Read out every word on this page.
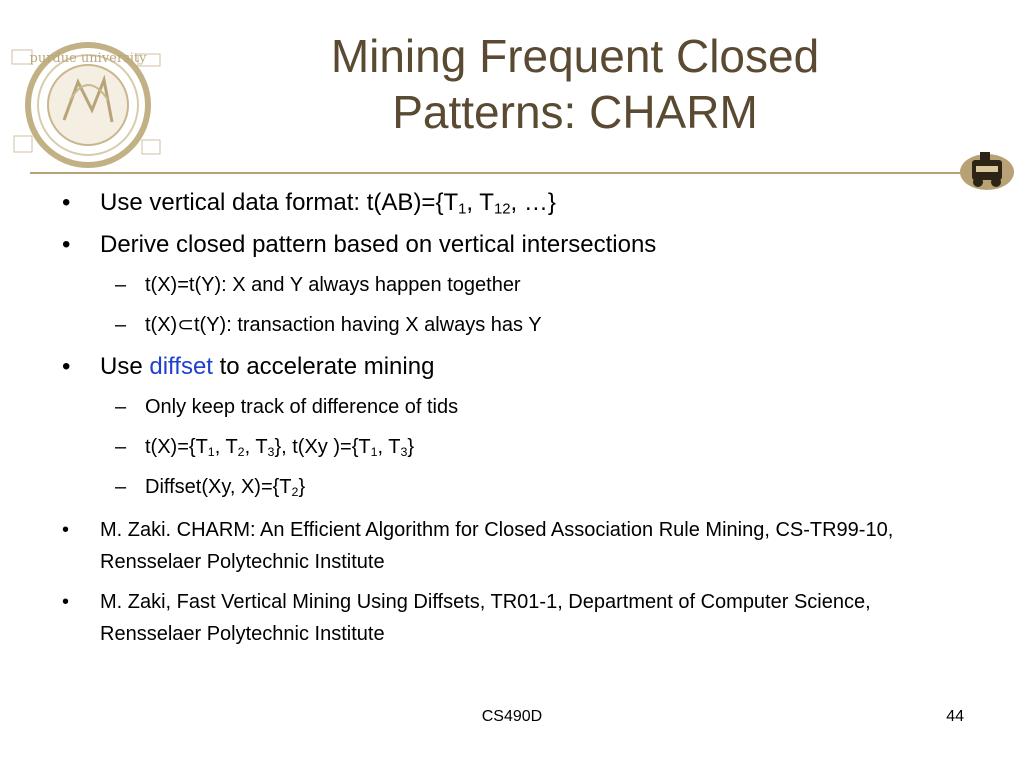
purdue university	Mining Frequent Closed
Patterns: CHARM
• Use vertical data format: $t(AB)=\{T_1$, $T_{12}$, …}
• Derive closed pattern based on vertical intersections
– t(X)=t(Y): X and Y always happen together
– t(X)⊂t(Y): transaction having X always has Y
• Use diffset to accelerate mining
– Only keep track of difference of tids
– $t(X)=\{T_1$, $T_2$, $T_3$}, t(Xy )$=\{T_1$, $T_3$}
– Diffset(Xy, $X)=\{T_2\}$
• M. Zaki. CHARM: An Efficient Algorithm for Closed Association Rule Mining, CS-TR99-10, Rensselaer Polytechnic Institute
• M. Zaki, Fast Vertical Mining Using Diffsets, TR01-1, Department of Computer Science, Rensselaer Polytechnic Institute
CS490D	44
